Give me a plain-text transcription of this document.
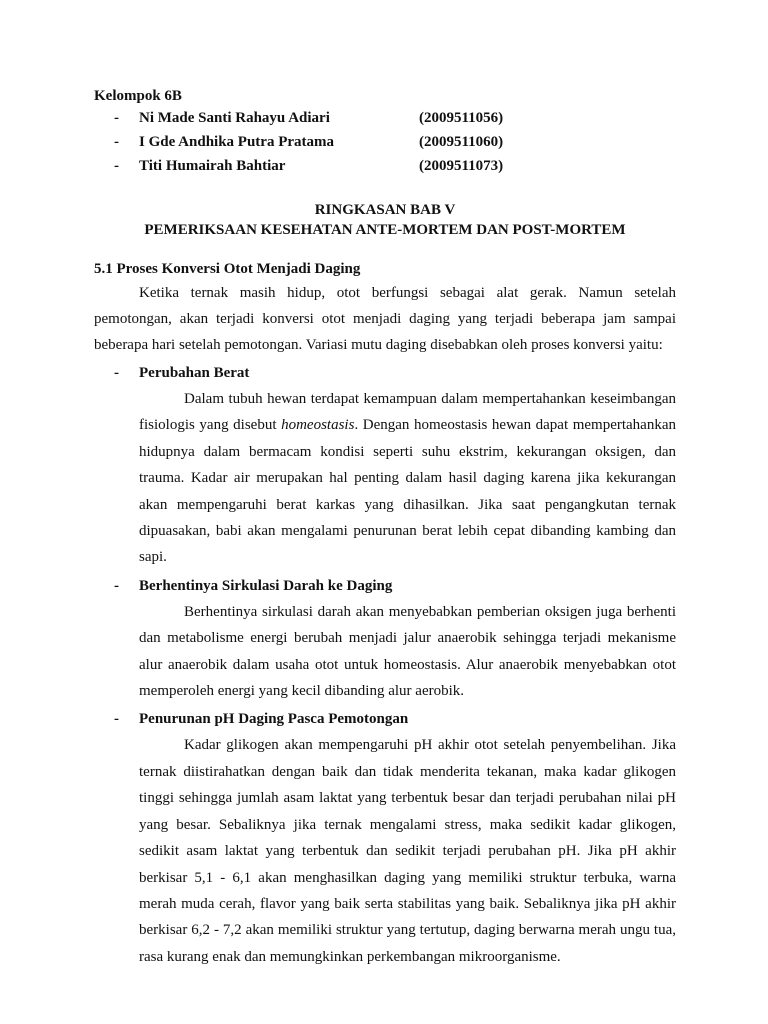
Kelompok 6B
-	Ni Made Santi Rahayu Adiari	(2009511056)
-	I Gde Andhika Putra Pratama	(2009511060)
-	Titi Humairah Bahtiar	(2009511073)
RINGKASAN BAB V
PEMERIKSAAN KESEHATAN ANTE-MORTEM DAN POST-MORTEM
5.1 Proses Konversi Otot Menjadi Daging

Ketika ternak masih hidup, otot berfungsi sebagai alat gerak. Namun setelah pemotongan, akan terjadi konversi otot menjadi daging yang terjadi beberapa jam sampai beberapa hari setelah pemotongan. Variasi mutu daging disebabkan oleh proses konversi yaitu:

-	Perubahan Berat

Dalam tubuh hewan terdapat kemampuan dalam mempertahankan keseimbangan fisiologis yang disebut homeostasis. Dengan homeostasis hewan dapat mempertahankan hidupnya dalam bermacam kondisi seperti suhu ekstrim, kekurangan oksigen, dan trauma. Kadar air merupakan hal penting dalam hasil daging karena jika kekurangan akan mempengaruhi berat karkas yang dihasilkan. Jika saat pengangkutan ternak dipuasakan, babi akan mengalami penurunan berat lebih cepat dibanding kambing dan sapi.

-	Berhentinya Sirkulasi Darah ke Daging

Berhentinya sirkulasi darah akan menyebabkan pemberian oksigen juga berhenti dan metabolisme energi berubah menjadi jalur anaerobik sehingga terjadi mekanisme alur anaerobik dalam usaha otot untuk homeostasis. Alur anaerobik menyebabkan otot memperoleh energi yang kecil dibanding alur aerobik.

-	Penurunan pH Daging Pasca Pemotongan

Kadar glikogen akan mempengaruhi pH akhir otot setelah penyembelihan. Jika ternak diistirahatkan dengan baik dan tidak menderita tekanan, maka kadar glikogen tinggi sehingga jumlah asam laktat yang terbentuk besar dan terjadi perubahan nilai pH yang besar. Sebaliknya jika ternak mengalami stress, maka sedikit kadar glikogen, sedikit asam laktat yang terbentuk dan sedikit terjadi perubahan pH. Jika pH akhir berkisar 5,1 - 6,1 akan menghasilkan daging yang memiliki struktur terbuka, warna merah muda cerah, flavor yang baik serta stabilitas yang baik. Sebaliknya jika pH akhir berkisar 6,2 - 7,2 akan memiliki struktur yang tertutup, daging berwarna merah ungu tua, rasa kurang enak dan memungkinkan perkembangan mikroorganisme.
